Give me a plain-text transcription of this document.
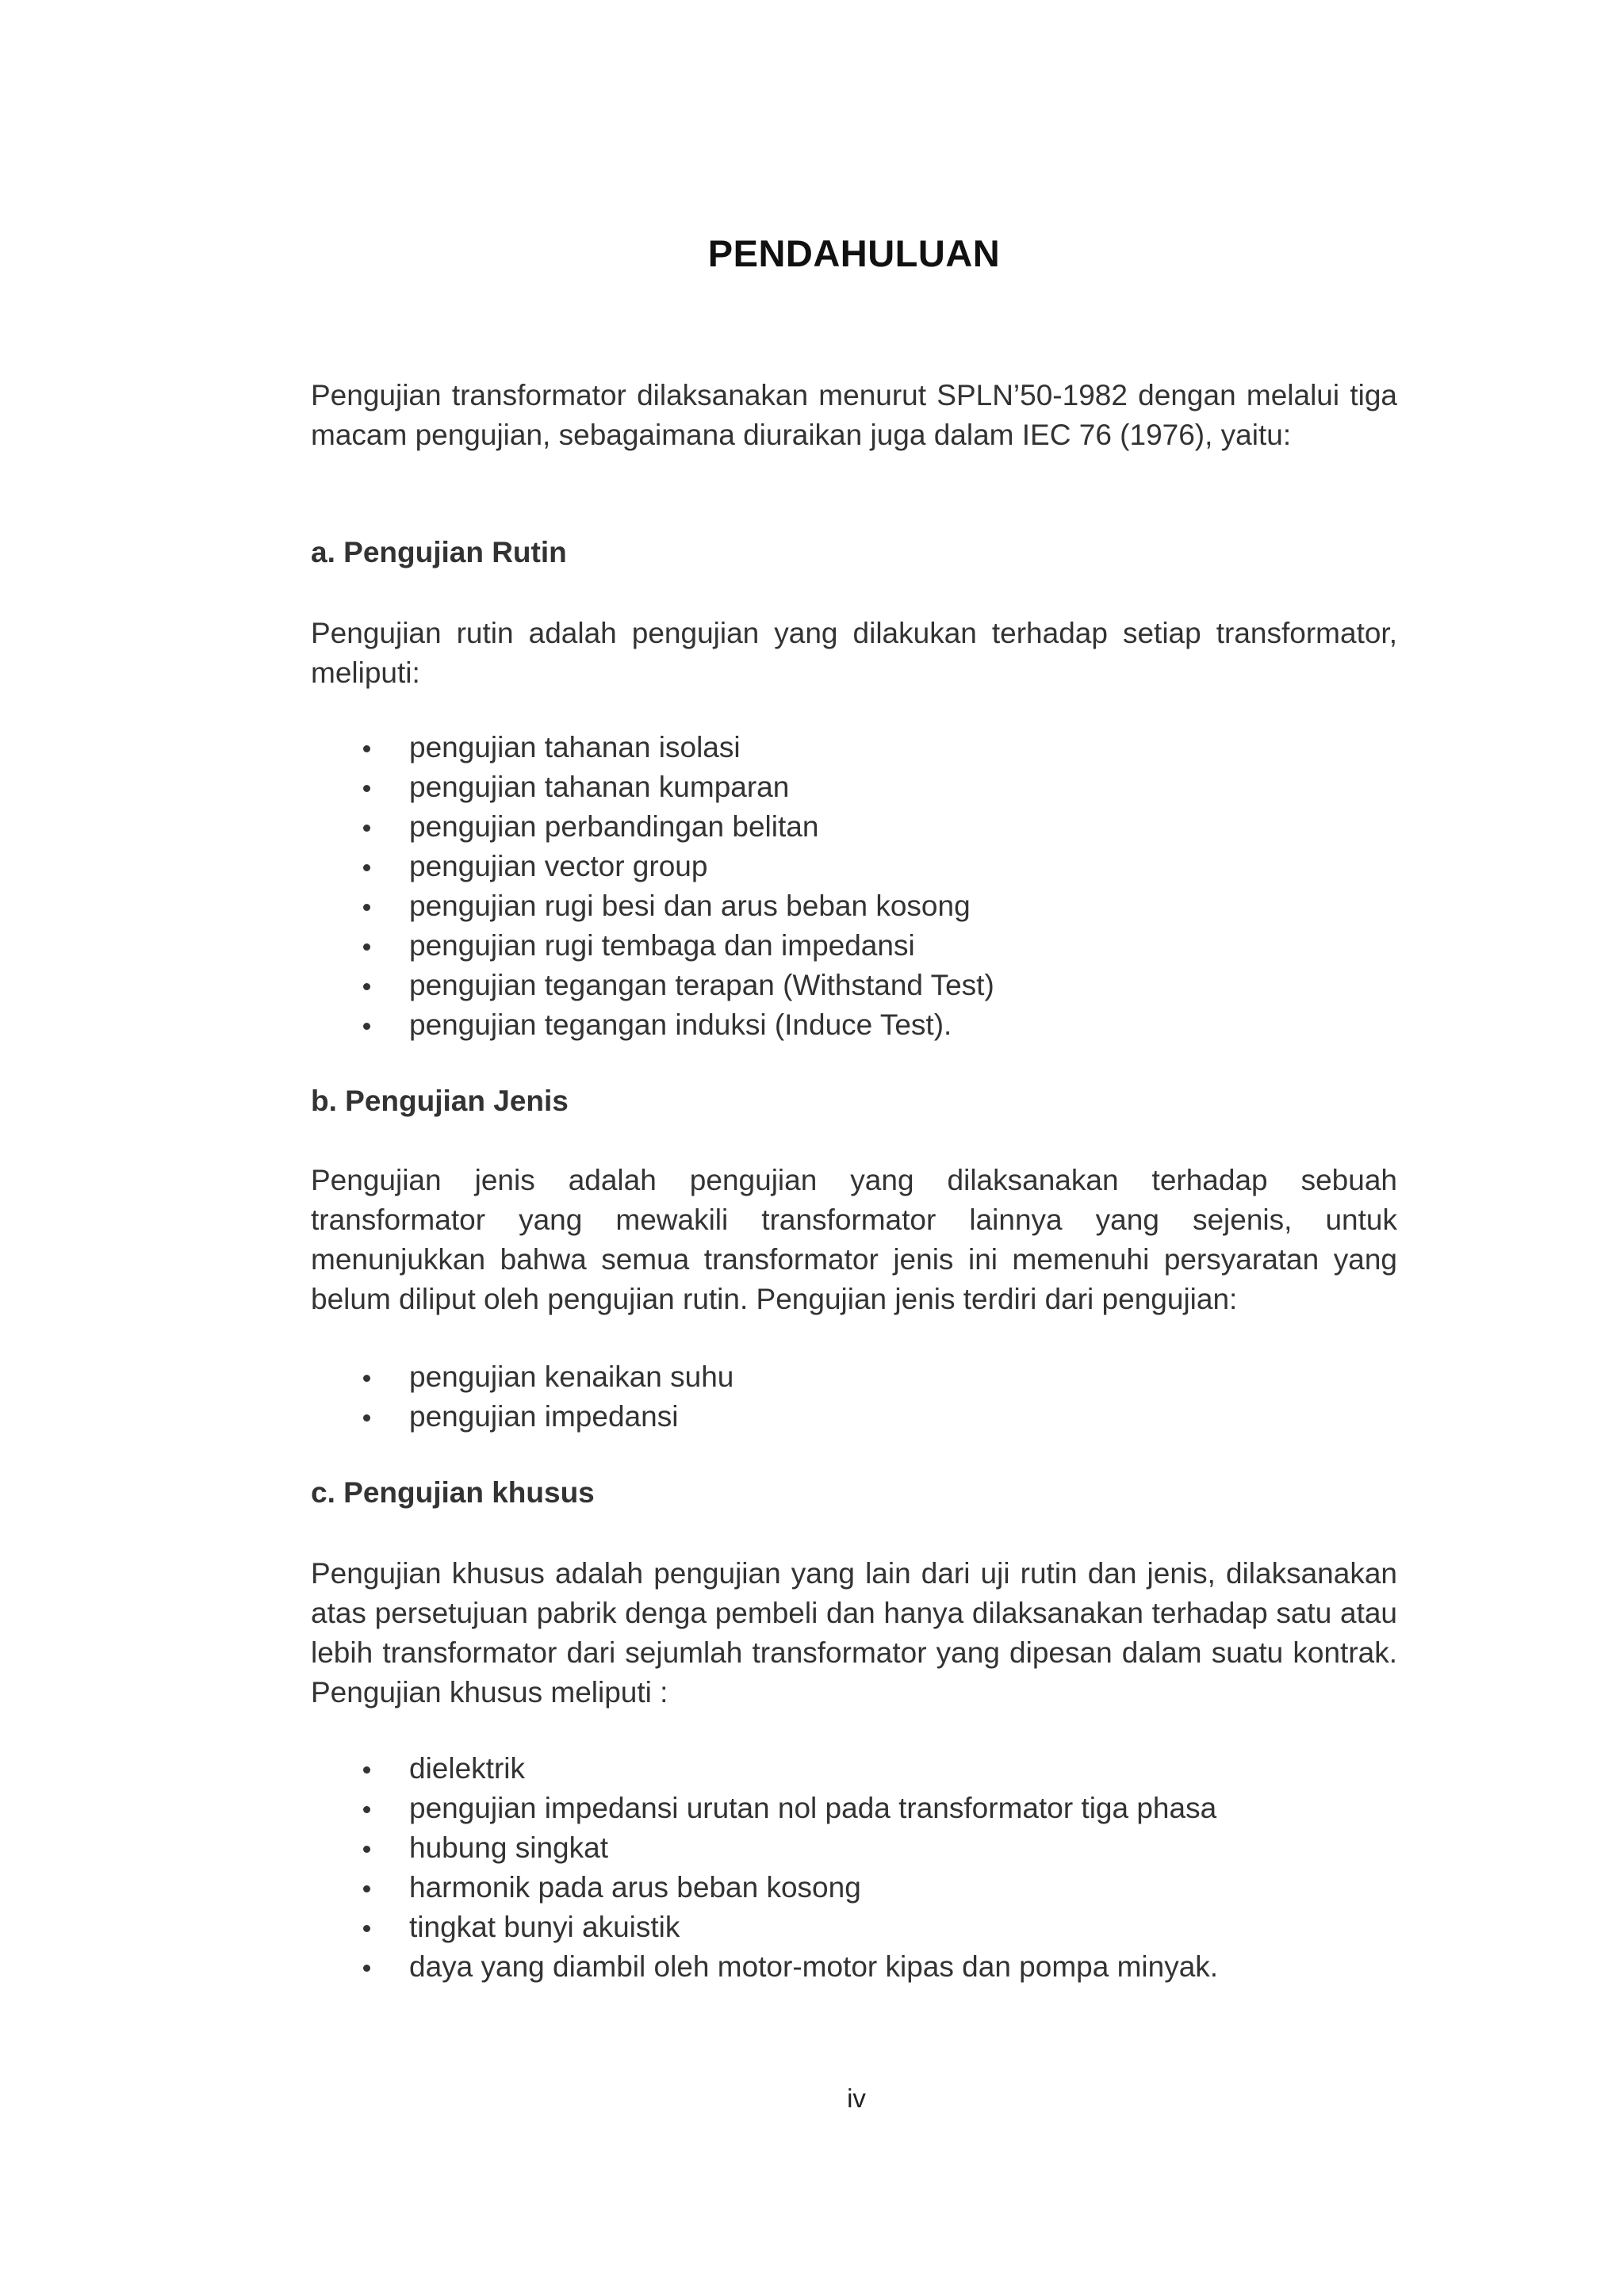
PENDAHULUAN

Pengujian transformator dilaksanakan menurut SPLN’50-1982 dengan melalui tiga macam pengujian, sebagaimana diuraikan juga dalam IEC 76 (1976), yaitu:

a. Pengujian Rutin

Pengujian rutin adalah pengujian yang dilakukan terhadap setiap transformator, meliputi:

pengujian tahanan isolasi
pengujian tahanan kumparan
pengujian perbandingan belitan
pengujian vector group
pengujian rugi besi dan arus beban kosong
pengujian rugi tembaga dan impedansi
pengujian tegangan terapan (Withstand Test)
pengujian tegangan induksi (Induce Test).
b. Pengujian Jenis

Pengujian jenis adalah pengujian yang dilaksanakan terhadap sebuah transformator yang mewakili transformator lainnya yang sejenis, untuk menunjukkan bahwa semua transformator jenis ini memenuhi persyaratan yang belum diliput oleh pengujian rutin. Pengujian jenis terdiri dari pengujian:

pengujian kenaikan suhu
pengujian impedansi
c. Pengujian khusus

Pengujian khusus adalah pengujian yang lain dari uji rutin dan jenis, dilaksanakan atas persetujuan pabrik denga pembeli dan hanya dilaksanakan terhadap satu atau lebih transformator dari sejumlah transformator yang dipesan dalam suatu kontrak. Pengujian khusus meliputi :

dielektrik
pengujian impedansi urutan nol pada transformator tiga phasa
hubung singkat
harmonik pada arus beban kosong
tingkat bunyi akuistik
daya yang diambil oleh motor-motor kipas dan pompa minyak.
iv
